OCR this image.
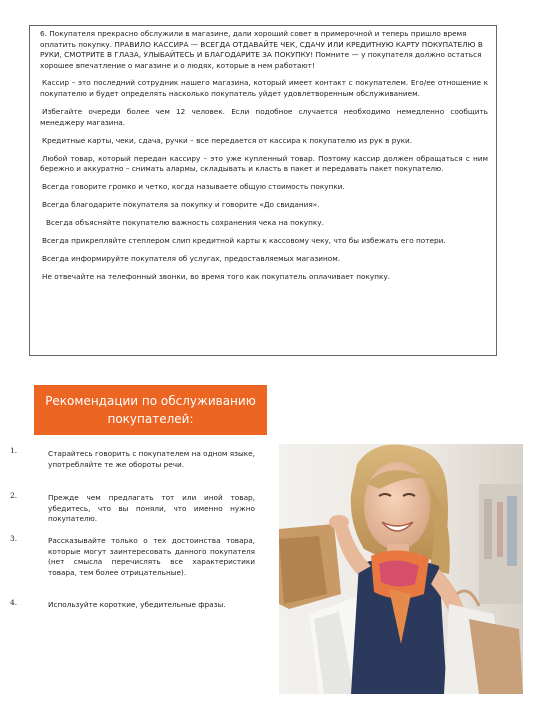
6. Покупателя прекрасно обслужили в магазине, дали хороший совет в примерочной и теперь пришло время оплатить покупку. ПРАВИЛО КАССИРА — ВСЕГДА ОТДАВАЙТЕ ЧЕК, СДАЧУ ИЛИ КРЕДИТНУЮ КАРТУ ПОКУПАТЕЛЮ В РУКИ, СМОТРИТЕ В ГЛАЗА, УЛЫБАЙТЕСЬ И БЛАГОДАРИТЕ ЗА ПОКУПКУ! Помните — у покупателя должно остаться хорошее впечатление о магазине и о людях, которые в нем работают!

Кассир – это последний сотрудник нашего магазина, который имеет контакт с покупателем. Его/ее отношение к покупателю и будет определять насколько покупатель уйдет удовлетворенным обслуживанием.

Избегайте очереди более чем 12 человек. Если подобное случается необходимо немедленно сообщить менеджеру магазина.

Кредитные карты, чеки, сдача, ручки – все передается от кассира к покупателю из рук в руки.

Любой товар, который передан кассиру – это уже купленный товар. Поэтому кассир должен обращаться с ним бережно и аккуратно – снимать алармы, складывать и класть в пакет и передавать пакет покупателю.

Всегда говорите громко и четко, когда называете общую стоимость покупки.

Всегда благодарите покупателя за покупку и говорите «До свидания».

Всегда объясняйте покупателю важность сохранения чека на покупку.

Всегда прикрепляйте степлером слип кредитной карты к кассовому чеку, что бы избежать его потери.

Всегда информируйте покупателя об услугах, предоставляемых магазином.

Не отвечайте на телефонный звонки, во время того как покупатель оплачивает покупку.

Рекомендации по обслуживанию
покупателей:
1.	Старайтесь говорить с покупателем на одном языке, употребляйте те же обороты речи.
2.	Прежде чем предлагать тот или иной товар, убедитесь, что вы поняли, что именно нужно покупателю.
3.	Рассказывайте только о тех достоинства товара, которые могут заинтересовать данного покупателя (нет смысла перечислять все характеристики товара, тем более отрицательные).
4.	Используйте короткие, убедительные фразы.
